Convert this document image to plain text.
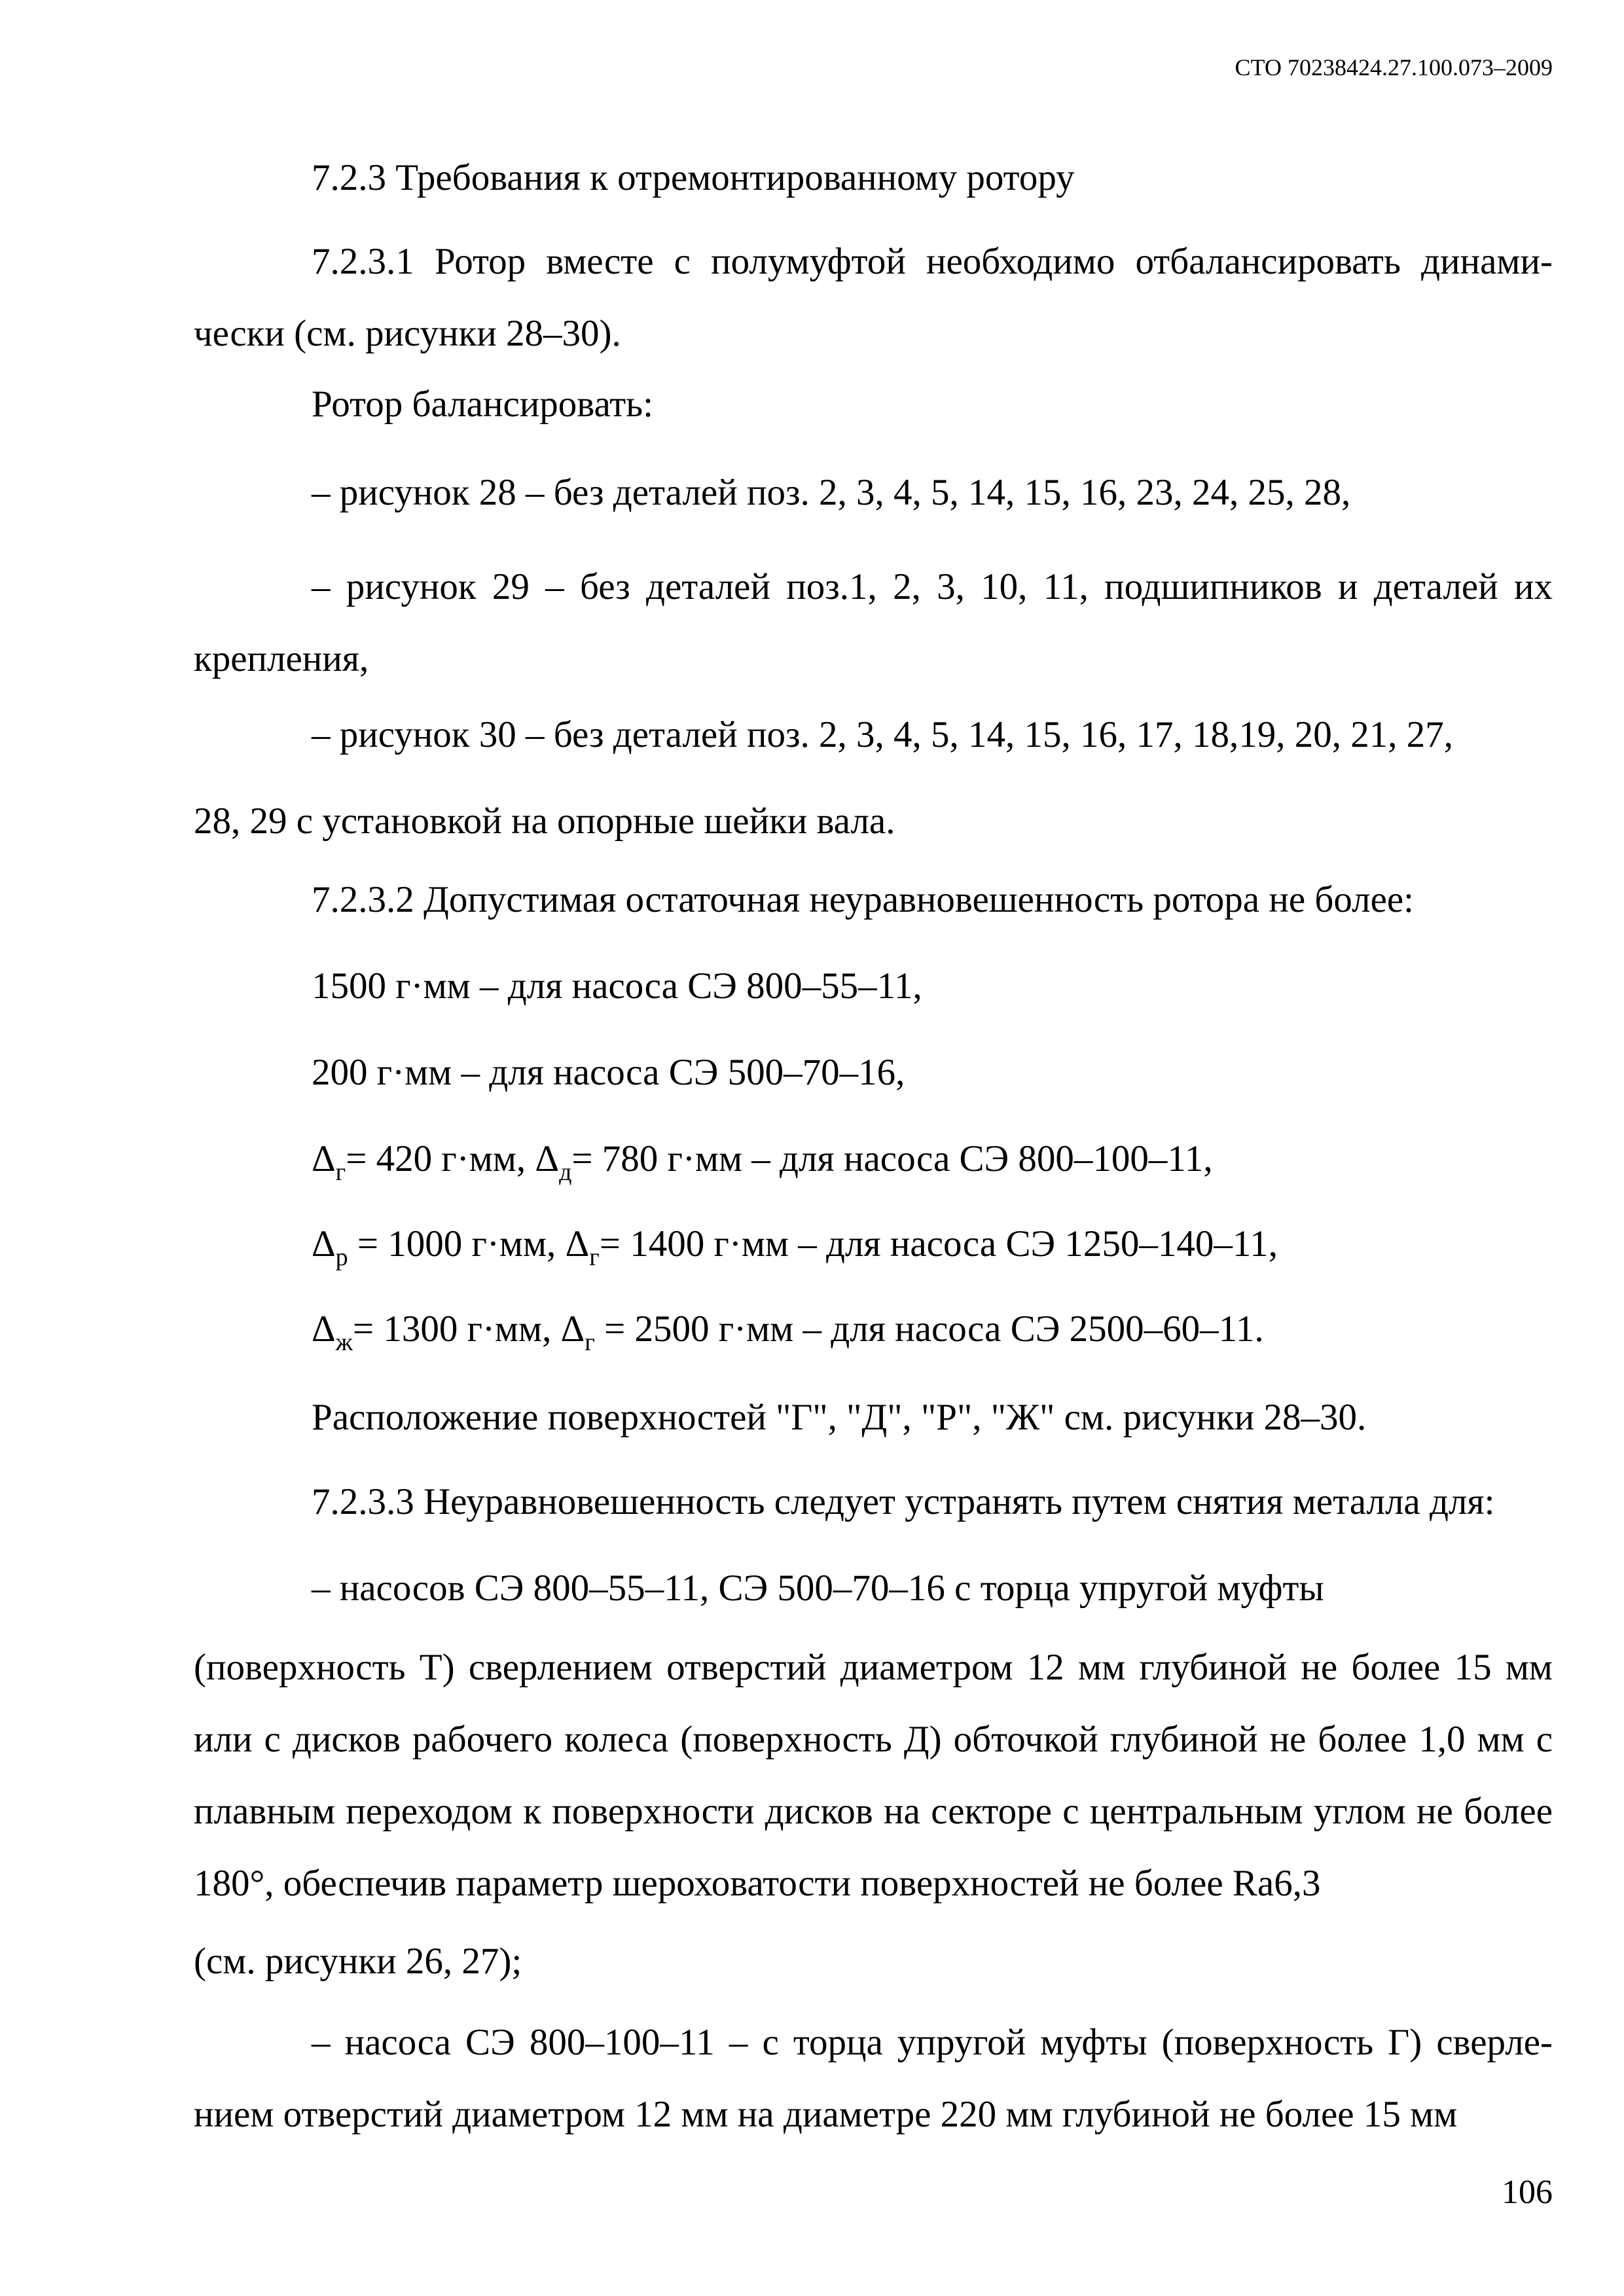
СТО 70238424.27.100.073–2009
7.2.3 Требования к отремонтированному ротору
7.2.3.1 Ротор вместе с полумуфтой необходимо отбалансировать динамически (см. рисунки 28–30).
Ротор балансировать:
– рисунок 28 – без деталей поз. 2, 3, 4, 5, 14, 15, 16, 23, 24, 25, 28,
– рисунок 29 – без деталей поз.1, 2, 3, 10, 11, подшипников и деталей их крепления,
– рисунок 30 – без деталей поз. 2, 3, 4, 5, 14, 15, 16, 17, 18,19, 20, 21, 27,
28, 29 с установкой на опорные шейки вала.
7.2.3.2 Допустимая остаточная неуравновешенность ротора не более:
1500 г·мм – для насоса СЭ 800–55–11,
200 г·мм – для насоса СЭ 500–70–16,
$\Delta_г= 420$ г·мм, $\Delta_д= 780$ г·мм – для насоса СЭ 800–100–11,
$\Delta_р = 1000$ г·мм, $\Delta_г= 1400$ г·мм – для насоса СЭ 1250–140–11,
$\Delta_ж= 1300$ г·мм, $\Delta_г = 2500$ г·мм – для насоса СЭ 2500–60–11.
Расположение поверхностей "Г", "Д", "Р", "Ж" см. рисунки 28–30.
7.2.3.3 Неуравновешенность следует устранять путем снятия металла для:
– насосов СЭ 800–55–11, СЭ 500–70–16 с торца упругой муфты
(поверхность Т) сверлением отверстий диаметром 12 мм глубиной не более 15 мм или с дисков рабочего колеса (поверхность Д) обточкой глубиной не более 1,0 мм с плавным переходом к поверхности дисков на секторе с центральным углом не более 180°, обеспечив параметр шероховатости поверхностей не более Ra6,3
(см. рисунки 26, 27);
– насоса СЭ 800–100–11 – с торца упругой муфты (поверхность Г) сверлением отверстий диаметром 12 мм на диаметре 220 мм глубиной не более 15 мм
106
